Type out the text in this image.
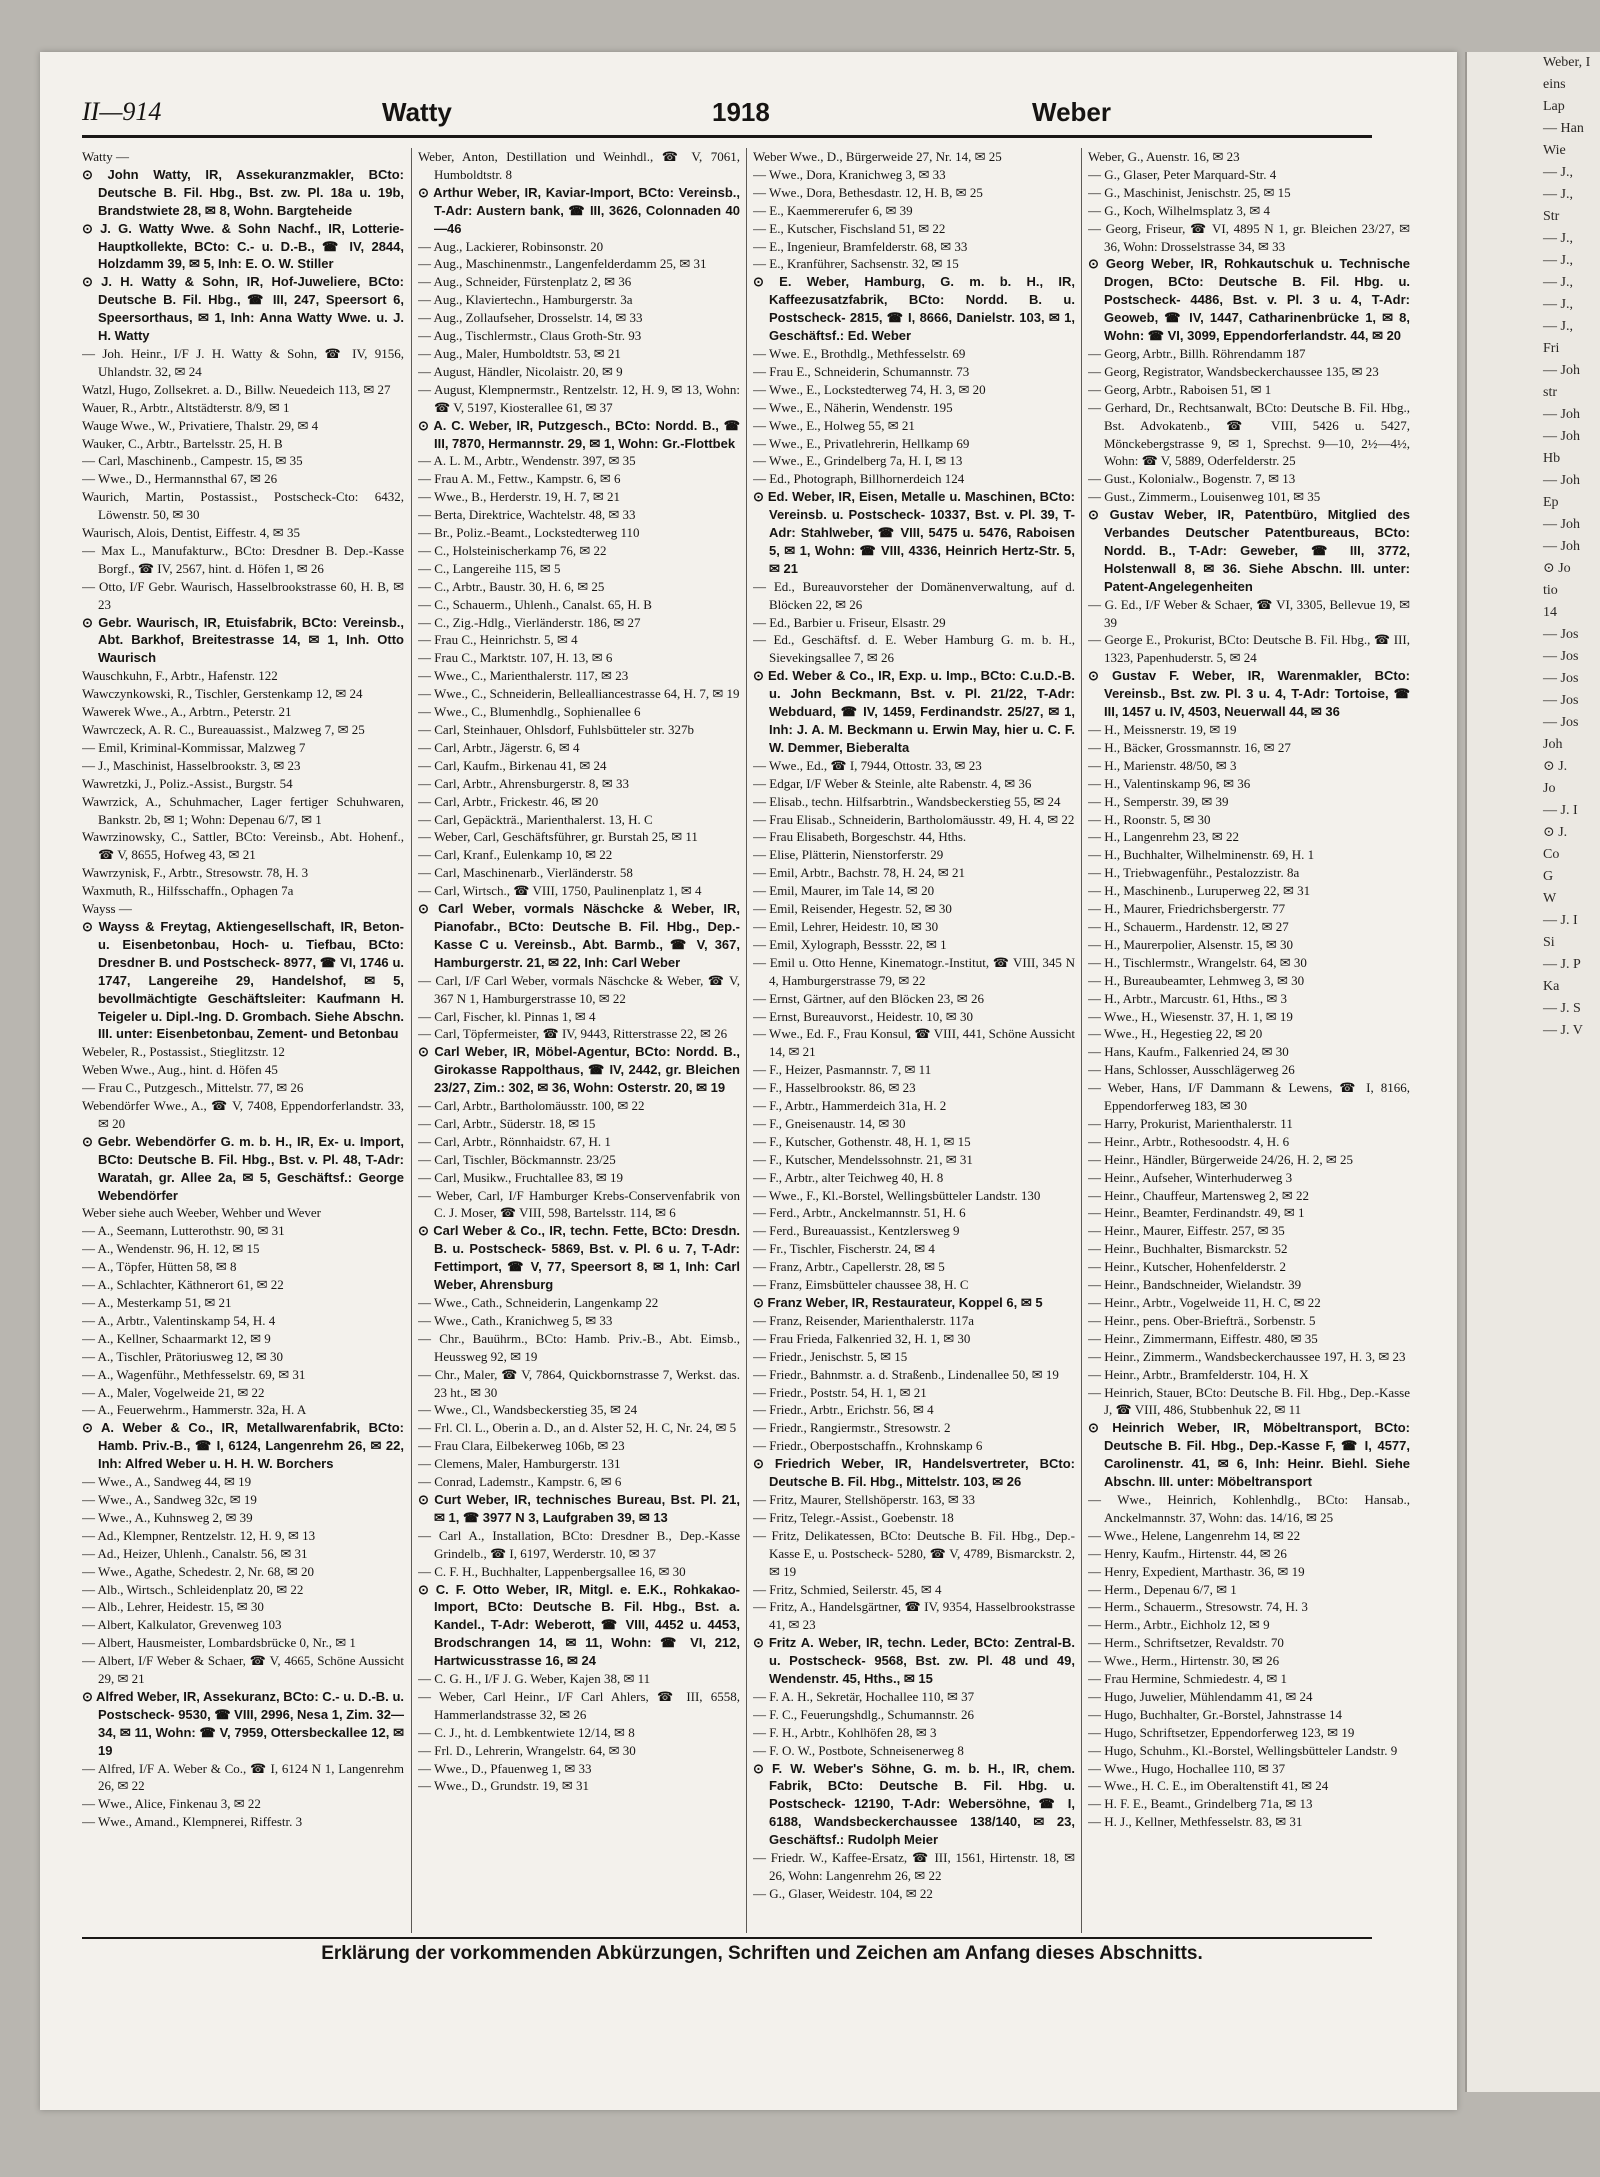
Weber, I
eins
Lap
— Han
Wie
— J.,
— J.,
Str
— J.,
— J.,
— J.,
— J.,
— J.,
Fri
— Joh
str
— Joh
— Joh
Hb
— Joh
Ep
— Joh
— Joh
⊙ Jo
tio
14
— Jos
— Jos
— Jos
— Jos
— Jos
Joh
⊙ J.
Jo
— J. I
⊙ J.
Co
G
W
— J. I
Si
— J. P
Ka
— J. S
— J. V
II—914	Watty	1918	Weber

Watty —

⊙ John Watty, IR, Assekuranzmakler, BCto: Deutsche B. Fil. Hbg., Bst. zw. Pl. 18a u. 19b, Brandstwiete 28, ✉ 8, Wohn. Bargteheide

⊙ J. G. Watty Wwe. & Sohn Nachf., IR, Lotterie-Hauptkollekte, BCto: C.- u. D.-B., ☎ IV, 2844, Holzdamm 39, ✉ 5, Inh: E. O. W. Stiller

⊙ J. H. Watty & Sohn, IR, Hof-Juweliere, BCto: Deutsche B. Fil. Hbg., ☎ III, 247, Speersort 6, Speersorthaus, ✉ 1, Inh: Anna Watty Wwe. u. J. H. Watty

— Joh. Heinr., I/F J. H. Watty & Sohn, ☎ IV, 9156, Uhlandstr. 32, ✉ 24

Watzl, Hugo, Zollsekret. a. D., Billw. Neuedeich 113, ✉ 27

Wauer, R., Arbtr., Altstädterstr. 8/9, ✉ 1

Wauge Wwe., W., Privatiere, Thalstr. 29, ✉ 4

Wauker, C., Arbtr., Bartelsstr. 25, H. B

— Carl, Maschinenb., Campestr. 15, ✉ 35

— Wwe., D., Hermannsthal 67, ✉ 26

Waurich, Martin, Postassist., Postscheck-Cto: 6432, Löwenstr. 50, ✉ 30

Waurisch, Alois, Dentist, Eiffestr. 4, ✉ 35

— Max L., Manufakturw., BCto: Dresdner B. Dep.-Kasse Borgf., ☎ IV, 2567, hint. d. Höfen 1, ✉ 26

— Otto, I/F Gebr. Waurisch, Hasselbrookstrasse 60, H. B, ✉ 23

⊙ Gebr. Waurisch, IR, Etuisfabrik, BCto: Vereinsb., Abt. Barkhof, Breitestrasse 14, ✉ 1, Inh. Otto Waurisch

Wauschkuhn, F., Arbtr., Hafenstr. 122

Wawczynkowski, R., Tischler, Gerstenkamp 12, ✉ 24

Wawerek Wwe., A., Arbtrn., Peterstr. 21

Wawrczeck, A. R. C., Bureauassist., Malzweg 7, ✉ 25

— Emil, Kriminal-Kommissar, Malzweg 7

— J., Maschinist, Hasselbrookstr. 3, ✉ 23

Wawretzki, J., Poliz.-Assist., Burgstr. 54

Wawrzick, A., Schuhmacher, Lager fertiger Schuhwaren, Bankstr. 2b, ✉ 1; Wohn: Depenau 6/7, ✉ 1

Wawrzinowsky, C., Sattler, BCto: Vereinsb., Abt. Hohenf., ☎ V, 8655, Hofweg 43, ✉ 21

Wawrzynisk, F., Arbtr., Stresowstr. 78, H. 3

Waxmuth, R., Hilfsschaffn., Ophagen 7a

Wayss —

⊙ Wayss & Freytag, Aktiengesellschaft, IR, Beton- u. Eisenbetonbau, Hoch- u. Tiefbau, BCto: Dresdner B. und Postscheck- 8977, ☎ VI, 1746 u. 1747, Langereihe 29, Handelshof, ✉ 5, bevollmächtigte Geschäftsleiter: Kaufmann H. Teigeler u. Dipl.-Ing. D. Grombach. Siehe Abschn. III. unter: Eisenbetonbau, Zement- und Betonbau

Webeler, R., Postassist., Stieglitzstr. 12

Weben Wwe., Aug., hint. d. Höfen 45

— Frau C., Putzgesch., Mittelstr. 77, ✉ 26

Webendörfer Wwe., A., ☎ V, 7408, Eppendorferlandstr. 33, ✉ 20

⊙ Gebr. Webendörfer G. m. b. H., IR, Ex- u. Import, BCto: Deutsche B. Fil. Hbg., Bst. v. Pl. 48, T-Adr: Waratah, gr. Allee 2a, ✉ 5, Geschäftsf.: George Webendörfer

Weber siehe auch Weeber, Wehber und Wever

— A., Seemann, Lutterothstr. 90, ✉ 31

— A., Wendenstr. 96, H. 12, ✉ 15

— A., Töpfer, Hütten 58, ✉ 8

— A., Schlachter, Käthnerort 61, ✉ 22

— A., Mesterkamp 51, ✉ 21

— A., Arbtr., Valentinskamp 54, H. 4

— A., Kellner, Schaarmarkt 12, ✉ 9

— A., Tischler, Prätoriusweg 12, ✉ 30

— A., Wagenführ., Methfesselstr. 69, ✉ 31

— A., Maler, Vogelweide 21, ✉ 22

— A., Feuerwehrm., Hammerstr. 32a, H. A

⊙ A. Weber & Co., IR, Metallwarenfabrik, BCto: Hamb. Priv.-B., ☎ I, 6124, Langenrehm 26, ✉ 22, Inh: Alfred Weber u. H. H. W. Borchers

— Wwe., A., Sandweg 44, ✉ 19

— Wwe., A., Sandweg 32c, ✉ 19

— Wwe., A., Kuhnsweg 2, ✉ 39

— Ad., Klempner, Rentzelstr. 12, H. 9, ✉ 13

— Ad., Heizer, Uhlenh., Canalstr. 56, ✉ 31

— Wwe., Agathe, Schedestr. 2, Nr. 68, ✉ 20

— Alb., Wirtsch., Schleidenplatz 20, ✉ 22

— Alb., Lehrer, Heidestr. 15, ✉ 30

— Albert, Kalkulator, Grevenweg 103

— Albert, Hausmeister, Lombardsbrücke 0, Nr., ✉ 1

— Albert, I/F Weber & Schaer, ☎ V, 4665, Schöne Aussicht 29, ✉ 21

⊙ Alfred Weber, IR, Assekuranz, BCto: C.- u. D.-B. u. Postscheck- 9530, ☎ VIII, 2996, Nesa 1, Zim. 32—34, ✉ 11, Wohn: ☎ V, 7959, Ottersbeckallee 12, ✉ 19

— Alfred, I/F A. Weber & Co., ☎ I, 6124 N 1, Langenrehm 26, ✉ 22

— Wwe., Alice, Finkenau 3, ✉ 22

— Wwe., Amand., Klempnerei, Riffestr. 3

Weber, Anton, Destillation und Weinhdl., ☎ V, 7061, Humboldtstr. 8

⊙ Arthur Weber, IR, Kaviar-Import, BCto: Vereinsb., T-Adr: Austern bank, ☎ III, 3626, Colonnaden 40—46

— Aug., Lackierer, Robinsonstr. 20

— Aug., Maschinenmstr., Langenfelderdamm 25, ✉ 31

— Aug., Schneider, Fürstenplatz 2, ✉ 36

— Aug., Klaviertechn., Hamburgerstr. 3a

— Aug., Zollaufseher, Drosselstr. 14, ✉ 33

— Aug., Tischlermstr., Claus Groth-Str. 93

— Aug., Maler, Humboldtstr. 53, ✉ 21

— August, Händler, Nicolaistr. 20, ✉ 9

— August, Klempnermstr., Rentzelstr. 12, H. 9, ✉ 13, Wohn: ☎ V, 5197, Kiosterallee 61, ✉ 37

⊙ A. C. Weber, IR, Putzgesch., BCto: Nordd. B., ☎ III, 7870, Hermannstr. 29, ✉ 1, Wohn: Gr.-Flottbek

— A. L. M., Arbtr., Wendenstr. 397, ✉ 35

— Frau A. M., Fettw., Kampstr. 6, ✉ 6

— Wwe., B., Herderstr. 19, H. 7, ✉ 21

— Berta, Direktrice, Wachtelstr. 48, ✉ 33

— Br., Poliz.-Beamt., Lockstedterweg 110

— C., Holsteinischerkamp 76, ✉ 22

— C., Langereihe 115, ✉ 5

— C., Arbtr., Baustr. 30, H. 6, ✉ 25

— C., Schauerm., Uhlenh., Canalst. 65, H. B

— C., Zig.-Hdlg., Vierländerstr. 186, ✉ 27

— Frau C., Heinrichstr. 5, ✉ 4

— Frau C., Marktstr. 107, H. 13, ✉ 6

— Wwe., C., Marienthalerstr. 117, ✉ 23

— Wwe., C., Schneiderin, Bellealliancestrasse 64, H. 7, ✉ 19

— Wwe., C., Blumenhdlg., Sophienallee 6

— Carl, Steinhauer, Ohlsdorf, Fuhlsbütteler str. 327b

— Carl, Arbtr., Jägerstr. 6, ✉ 4

— Carl, Kaufm., Birkenau 41, ✉ 24

— Carl, Arbtr., Ahrensburgerstr. 8, ✉ 33

— Carl, Arbtr., Frickestr. 46, ✉ 20

— Carl, Gepäckträ., Marienthalerst. 13, H. C

— Weber, Carl, Geschäftsführer, gr. Burstah 25, ✉ 11

— Carl, Kranf., Eulenkamp 10, ✉ 22

— Carl, Maschinenarb., Vierländerstr. 58

— Carl, Wirtsch., ☎ VIII, 1750, Paulinenplatz 1, ✉ 4

⊙ Carl Weber, vormals Näschcke & Weber, IR, Pianofabr., BCto: Deutsche B. Fil. Hbg., Dep.-Kasse C u. Vereinsb., Abt. Barmb., ☎ V, 367, Hamburgerstr. 21, ✉ 22, Inh: Carl Weber

— Carl, I/F Carl Weber, vormals Näschcke & Weber, ☎ V, 367 N 1, Hamburgerstrasse 10, ✉ 22

— Carl, Fischer, kl. Pinnas 1, ✉ 4

— Carl, Töpfermeister, ☎ IV, 9443, Ritterstrasse 22, ✉ 26

⊙ Carl Weber, IR, Möbel-Agentur, BCto: Nordd. B., Girokasse Rappolthaus, ☎ IV, 2442, gr. Bleichen 23/27, Zim.: 302, ✉ 36, Wohn: Osterstr. 20, ✉ 19

— Carl, Arbtr., Bartholomäusstr. 100, ✉ 22

— Carl, Arbtr., Süderstr. 18, ✉ 15

— Carl, Arbtr., Rönnhaidstr. 67, H. 1

— Carl, Tischler, Böckmannstr. 23/25

— Carl, Musikw., Fruchtallee 83, ✉ 19

— Weber, Carl, I/F Hamburger Krebs-Conservenfabrik von C. J. Moser, ☎ VIII, 598, Bartelsstr. 114, ✉ 6

⊙ Carl Weber & Co., IR, techn. Fette, BCto: Dresdn. B. u. Postscheck- 5869, Bst. v. Pl. 6 u. 7, T-Adr: Fettimport, ☎ V, 77, Speersort 8, ✉ 1, Inh: Carl Weber, Ahrensburg

— Wwe., Cath., Schneiderin, Langenkamp 22

— Wwe., Cath., Kranichweg 5, ✉ 33

— Chr., Bauührm., BCto: Hamb. Priv.-B., Abt. Eimsb., Heussweg 92, ✉ 19

— Chr., Maler, ☎ V, 7864, Quickbornstrasse 7, Werkst. das. 23 ht., ✉ 30

— Wwe., Cl., Wandsbeckerstieg 35, ✉ 24

— Frl. Cl. L., Oberin a. D., an d. Alster 52, H. C, Nr. 24, ✉ 5

— Frau Clara, Eilbekerweg 106b, ✉ 23

— Clemens, Maler, Hamburgerstr. 131

— Conrad, Lademstr., Kampstr. 6, ✉ 6

⊙ Curt Weber, IR, technisches Bureau, Bst. Pl. 21, ✉ 1, ☎ 3977 N 3, Laufgraben 39, ✉ 13

— Carl A., Installation, BCto: Dresdner B., Dep.-Kasse Grindelb., ☎ I, 6197, Werderstr. 10, ✉ 37

— C. F. H., Buchhalter, Lappenbergsallee 16, ✉ 30

⊙ C. F. Otto Weber, IR, Mitgl. e. E.K., Rohkakao-Import, BCto: Deutsche B. Fil. Hbg., Bst. a. Kandel., T-Adr: Weberott, ☎ VIII, 4452 u. 4453, Brodschrangen 14, ✉ 11, Wohn: ☎ VI, 212, Hartwicusstrasse 16, ✉ 24

— C. G. H., I/F J. G. Weber, Kajen 38, ✉ 11

— Weber, Carl Heinr., I/F Carl Ahlers, ☎ III, 6558, Hammerlandstrasse 32, ✉ 26

— C. J., ht. d. Lembkentwiete 12/14, ✉ 8

— Frl. D., Lehrerin, Wrangelstr. 64, ✉ 30

— Wwe., D., Pfauenweg 1, ✉ 33

— Wwe., D., Grundstr. 19, ✉ 31

Weber Wwe., D., Bürgerweide 27, Nr. 14, ✉ 25

— Wwe., Dora, Kranichweg 3, ✉ 33

— Wwe., Dora, Bethesdastr. 12, H. B, ✉ 25

— E., Kaemmererufer 6, ✉ 39

— E., Kutscher, Fischsland 51, ✉ 22

— E., Ingenieur, Bramfelderstr. 68, ✉ 33

— E., Kranführer, Sachsenstr. 32, ✉ 15

⊙ E. Weber, Hamburg, G. m. b. H., IR, Kaffeezusatzfabrik, BCto: Nordd. B. u. Postscheck- 2815, ☎ I, 8666, Danielstr. 103, ✉ 1, Geschäftsf.: Ed. Weber

— Wwe. E., Brothdlg., Methfesselstr. 69

— Frau E., Schneiderin, Schumannstr. 73

— Wwe., E., Lockstedterweg 74, H. 3, ✉ 20

— Wwe., E., Näherin, Wendenstr. 195

— Wwe., E., Holweg 55, ✉ 21

— Wwe., E., Privatlehrerin, Hellkamp 69

— Wwe., E., Grindelberg 7a, H. I, ✉ 13

— Ed., Photograph, Billhornerdeich 124

⊙ Ed. Weber, IR, Eisen, Metalle u. Maschinen, BCto: Vereinsb. u. Postscheck- 10337, Bst. v. Pl. 39, T-Adr: Stahlweber, ☎ VIII, 5475 u. 5476, Raboisen 5, ✉ 1, Wohn: ☎ VIII, 4336, Heinrich Hertz-Str. 5, ✉ 21

— Ed., Bureauvorsteher der Domänenverwaltung, auf d. Blöcken 22, ✉ 26

— Ed., Barbier u. Friseur, Elsastr. 29

— Ed., Geschäftsf. d. E. Weber Hamburg G. m. b. H., Sievekingsallee 7, ✉ 26

⊙ Ed. Weber & Co., IR, Exp. u. Imp., BCto: C.u.D.-B. u. John Beckmann, Bst. v. Pl. 21/22, T-Adr: Webduard, ☎ IV, 1459, Ferdinandstr. 25/27, ✉ 1, Inh: J. A. M. Beckmann u. Erwin May, hier u. C. F. W. Demmer, Bieberalta

— Wwe., Ed., ☎ I, 7944, Ottostr. 33, ✉ 23

— Edgar, I/F Weber & Steinle, alte Rabenstr. 4, ✉ 36

— Elisab., techn. Hilfsarbtrin., Wandsbeckerstieg 55, ✉ 24

— Frau Elisab., Schneiderin, Bartholomäusstr. 49, H. 4, ✉ 22

— Frau Elisabeth, Borgeschstr. 44, Hths.

— Elise, Plätterin, Nienstorferstr. 29

— Emil, Arbtr., Bachstr. 78, H. 24, ✉ 21

— Emil, Maurer, im Tale 14, ✉ 20

— Emil, Reisender, Hegestr. 52, ✉ 30

— Emil, Lehrer, Heidestr. 10, ✉ 30

— Emil, Xylograph, Bessstr. 22, ✉ 1

— Emil u. Otto Henne, Kinematogr.-Institut, ☎ VIII, 345 N 4, Hamburgerstrasse 79, ✉ 22

— Ernst, Gärtner, auf den Blöcken 23, ✉ 26

— Ernst, Bureauvorst., Heidestr. 10, ✉ 30

— Wwe., Ed. F., Frau Konsul, ☎ VIII, 441, Schöne Aussicht 14, ✉ 21

— F., Heizer, Pasmannstr. 7, ✉ 11

— F., Hasselbrookstr. 86, ✉ 23

— F., Arbtr., Hammerdeich 31a, H. 2

— F., Gneisenaustr. 14, ✉ 30

— F., Kutscher, Gothenstr. 48, H. 1, ✉ 15

— F., Kutscher, Mendelssohnstr. 21, ✉ 31

— F., Arbtr., alter Teichweg 40, H. 8

— Wwe., F., Kl.-Borstel, Wellingsbütteler Landstr. 130

— Ferd., Arbtr., Anckelmannstr. 51, H. 6

— Ferd., Bureauassist., Kentzlersweg 9

— Fr., Tischler, Fischerstr. 24, ✉ 4

— Franz, Arbtr., Capellerstr. 28, ✉ 5

— Franz, Eimsbütteler chaussee 38, H. C

⊙ Franz Weber, IR, Restaurateur, Koppel 6, ✉ 5

— Franz, Reisender, Marienthalerstr. 117a

— Frau Frieda, Falkenried 32, H. 1, ✉ 30

— Friedr., Jenischstr. 5, ✉ 15

— Friedr., Bahnmstr. a. d. Straßenb., Lindenallee 50, ✉ 19

— Friedr., Poststr. 54, H. 1, ✉ 21

— Friedr., Arbtr., Erichstr. 56, ✉ 4

— Friedr., Rangiermstr., Stresowstr. 2

— Friedr., Oberpostschaffn., Krohnskamp 6

⊙ Friedrich Weber, IR, Handelsvertreter, BCto: Deutsche B. Fil. Hbg., Mittelstr. 103, ✉ 26

— Fritz, Maurer, Stellshöperstr. 163, ✉ 33

— Fritz, Telegr.-Assist., Goebenstr. 18

— Fritz, Delikatessen, BCto: Deutsche B. Fil. Hbg., Dep.-Kasse E, u. Postscheck- 5280, ☎ V, 4789, Bismarckstr. 2, ✉ 19

— Fritz, Schmied, Seilerstr. 45, ✉ 4

— Fritz, A., Handelsgärtner, ☎ IV, 9354, Hasselbrookstrasse 41, ✉ 23

⊙ Fritz A. Weber, IR, techn. Leder, BCto: Zentral-B. u. Postscheck- 9568, Bst. zw. Pl. 48 und 49, Wendenstr. 45, Hths., ✉ 15

— F. A. H., Sekretär, Hochallee 110, ✉ 37

— F. C., Feuerungshdlg., Schumannstr. 26

— F. H., Arbtr., Kohlhöfen 28, ✉ 3

— F. O. W., Postbote, Schneisenerweg 8

⊙ F. W. Weber's Söhne, G. m. b. H., IR, chem. Fabrik, BCto: Deutsche B. Fil. Hbg. u. Postscheck- 12190, T-Adr: Webersöhne, ☎ I, 6188, Wandsbeckerchaussee 138/140, ✉ 23, Geschäftsf.: Rudolph Meier

— Friedr. W., Kaffee-Ersatz, ☎ III, 1561, Hirtenstr. 18, ✉ 26, Wohn: Langenrehm 26, ✉ 22

— G., Glaser, Weidestr. 104, ✉ 22

Weber, G., Auenstr. 16, ✉ 23

— G., Glaser, Peter Marquard-Str. 4

— G., Maschinist, Jenischstr. 25, ✉ 15

— G., Koch, Wilhelmsplatz 3, ✉ 4

— Georg, Friseur, ☎ VI, 4895 N 1, gr. Bleichen 23/27, ✉ 36, Wohn: Drosselstrasse 34, ✉ 33

⊙ Georg Weber, IR, Rohkautschuk u. Technische Drogen, BCto: Deutsche B. Fil. Hbg. u. Postscheck- 4486, Bst. v. Pl. 3 u. 4, T-Adr: Geoweb, ☎ IV, 1447, Catharinenbrücke 1, ✉ 8, Wohn: ☎ VI, 3099, Eppendorferlandstr. 44, ✉ 20

— Georg, Arbtr., Billh. Röhrendamm 187

— Georg, Registrator, Wandsbeckerchaussee 135, ✉ 23

— Georg, Arbtr., Raboisen 51, ✉ 1

— Gerhard, Dr., Rechtsanwalt, BCto: Deutsche B. Fil. Hbg., Bst. Advokatenb., ☎ VIII, 5426 u. 5427, Mönckebergstrasse 9, ✉ 1, Sprechst. 9—10, 2½—4½, Wohn: ☎ V, 5889, Oderfelderstr. 25

— Gust., Kolonialw., Bogenstr. 7, ✉ 13

— Gust., Zimmerm., Louisenweg 101, ✉ 35

⊙ Gustav Weber, IR, Patentbüro, Mitglied des Verbandes Deutscher Patentbureaus, BCto: Nordd. B., T-Adr: Geweber, ☎ III, 3772, Holstenwall 8, ✉ 36. Siehe Abschn. III. unter: Patent-Angelegenheiten

— G. Ed., I/F Weber & Schaer, ☎ VI, 3305, Bellevue 19, ✉ 39

— George E., Prokurist, BCto: Deutsche B. Fil. Hbg., ☎ III, 1323, Papenhuderstr. 5, ✉ 24

⊙ Gustav F. Weber, IR, Warenmakler, BCto: Vereinsb., Bst. zw. Pl. 3 u. 4, T-Adr: Tortoise, ☎ III, 1457 u. IV, 4503, Neuerwall 44, ✉ 36

— H., Meissnerstr. 19, ✉ 19

— H., Bäcker, Grossmannstr. 16, ✉ 27

— H., Marienstr. 48/50, ✉ 3

— H., Valentinskamp 96, ✉ 36

— H., Semperstr. 39, ✉ 39

— H., Roonstr. 5, ✉ 30

— H., Langenrehm 23, ✉ 22

— H., Buchhalter, Wilhelminenstr. 69, H. 1

— H., Triebwagenführ., Pestalozzistr. 8a

— H., Maschinenb., Luruperweg 22, ✉ 31

— H., Maurer, Friedrichsbergerstr. 77

— H., Schauerm., Hardenstr. 12, ✉ 27

— H., Maurerpolier, Alsenstr. 15, ✉ 30

— H., Tischlermstr., Wrangelstr. 64, ✉ 30

— H., Bureaubeamter, Lehmweg 3, ✉ 30

— H., Arbtr., Marcustr. 61, Hths., ✉ 3

— Wwe., H., Wiesenstr. 37, H. 1, ✉ 19

— Wwe., H., Hegestieg 22, ✉ 20

— Hans, Kaufm., Falkenried 24, ✉ 30

— Hans, Schlosser, Ausschlägerweg 26

— Weber, Hans, I/F Dammann & Lewens, ☎ I, 8166, Eppendorferweg 183, ✉ 30

— Harry, Prokurist, Marienthalerstr. 11

— Heinr., Arbtr., Rothesoodstr. 4, H. 6

— Heinr., Händler, Bürgerweide 24/26, H. 2, ✉ 25

— Heinr., Aufseher, Winterhuderweg 3

— Heinr., Chauffeur, Martensweg 2, ✉ 22

— Heinr., Beamter, Ferdinandstr. 49, ✉ 1

— Heinr., Maurer, Eiffestr. 257, ✉ 35

— Heinr., Buchhalter, Bismarckstr. 52

— Heinr., Kutscher, Hohenfelderstr. 2

— Heinr., Bandschneider, Wielandstr. 39

— Heinr., Arbtr., Vogelweide 11, H. C, ✉ 22

— Heinr., pens. Ober-Briefträ., Sorbenstr. 5

— Heinr., Zimmermann, Eiffestr. 480, ✉ 35

— Heinr., Zimmerm., Wandsbeckerchaussee 197, H. 3, ✉ 23

— Heinr., Arbtr., Bramfelderstr. 104, H. X

— Heinrich, Stauer, BCto: Deutsche B. Fil. Hbg., Dep.-Kasse J, ☎ VIII, 486, Stubbenhuk 22, ✉ 11

⊙ Heinrich Weber, IR, Möbeltransport, BCto: Deutsche B. Fil. Hbg., Dep.-Kasse F, ☎ I, 4577, Carolinenstr. 41, ✉ 6, Inh: Heinr. Biehl. Siehe Abschn. III. unter: Möbeltransport

— Wwe., Heinrich, Kohlenhdlg., BCto: Hansab., Anckelmannstr. 37, Wohn: das. 14/16, ✉ 25

— Wwe., Helene, Langenrehm 14, ✉ 22

— Henry, Kaufm., Hirtenstr. 44, ✉ 26

— Henry, Expedient, Marthastr. 36, ✉ 19

— Herm., Depenau 6/7, ✉ 1

— Herm., Schauerm., Stresowstr. 74, H. 3

— Herm., Arbtr., Eichholz 12, ✉ 9

— Herm., Schriftsetzer, Revaldstr. 70

— Wwe., Herm., Hirtenstr. 30, ✉ 26

— Frau Hermine, Schmiedestr. 4, ✉ 1

— Hugo, Juwelier, Mühlendamm 41, ✉ 24

— Hugo, Buchhalter, Gr.-Borstel, Jahnstrasse 14

— Hugo, Schriftsetzer, Eppendorferweg 123, ✉ 19

— Hugo, Schuhm., Kl.-Borstel, Wellingsbütteler Landstr. 9

— Wwe., Hugo, Hochallee 110, ✉ 37

— Wwe., H. C. E., im Oberaltenstift 41, ✉ 24

— H. F. E., Beamt., Grindelberg 71a, ✉ 13

— H. J., Kellner, Methfesselstr. 83, ✉ 31

Erklärung der vorkommenden Abkürzungen, Schriften und Zeichen am Anfang dieses Abschnitts.
